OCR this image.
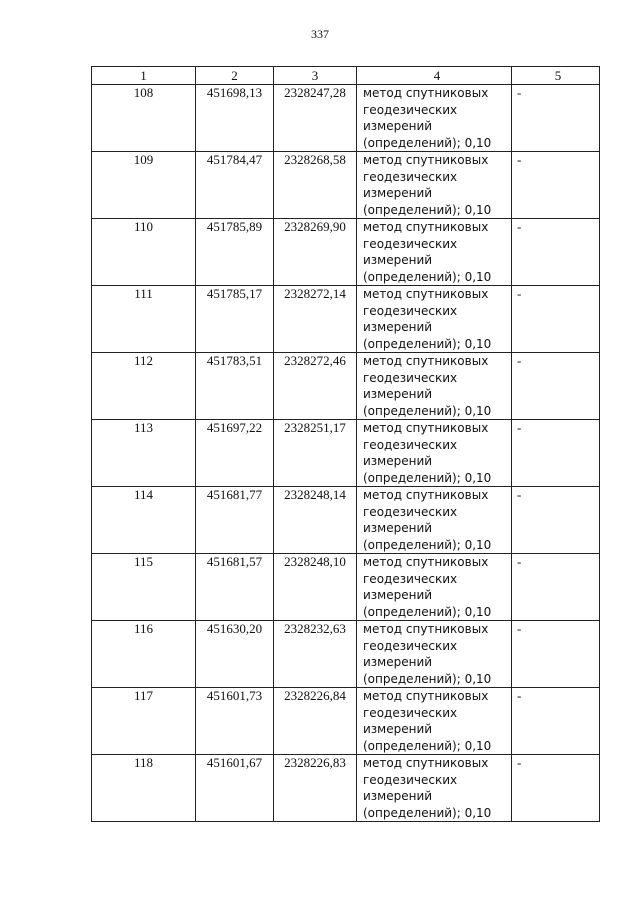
337
1	2	3	4	5
108	451698,13	2328247,28	метод спутниковых геодезических измерений (определений); 0,10	-
109	451784,47	2328268,58	метод спутниковых геодезических измерений (определений); 0,10	-
110	451785,89	2328269,90	метод спутниковых геодезических измерений (определений); 0,10	-
111	451785,17	2328272,14	метод спутниковых геодезических измерений (определений); 0,10	-
112	451783,51	2328272,46	метод спутниковых геодезических измерений (определений); 0,10	-
113	451697,22	2328251,17	метод спутниковых геодезических измерений (определений); 0,10	-
114	451681,77	2328248,14	метод спутниковых геодезических измерений (определений); 0,10	-
115	451681,57	2328248,10	метод спутниковых геодезических измерений (определений); 0,10	-
116	451630,20	2328232,63	метод спутниковых геодезических измерений (определений); 0,10	-
117	451601,73	2328226,84	метод спутниковых геодезических измерений (определений); 0,10	-
118	451601,67	2328226,83	метод спутниковых геодезических измерений (определений); 0,10	-
